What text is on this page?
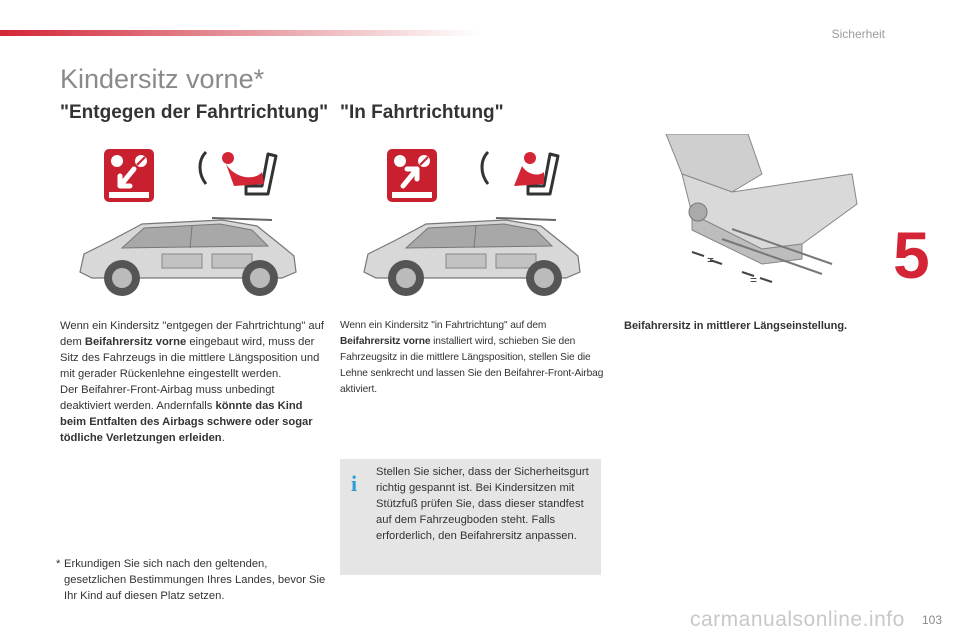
Sicherheit
5
Kindersitz vorne*
"Entgegen der Fahrtrichtung" "In Fahrtrichtung"
=
=
Wenn ein Kindersitz "entgegen der Fahrtrichtung" auf dem Beifahrersitz vorne eingebaut wird, muss der Sitz des Fahrzeugs in die mittlere Längsposition und mit gerader Rückenlehne eingestellt werden.
Der Beifahrer-Front-Airbag muss unbedingt deaktiviert werden. Andernfalls könnte das Kind beim Entfalten des Airbags schwere oder sogar tödliche Verletzungen erleiden.
Wenn ein Kindersitz "in Fahrtrichtung" auf dem Beifahrersitz vorne installiert wird, schieben Sie den Fahrzeugsitz in die mittlere Längsposition, stellen Sie die Lehne senkrecht und lassen Sie den Beifahrer-Front-Airbag aktiviert.
Beifahrersitz in mittlerer Längseinstellung.
i Stellen Sie sicher, dass der Sicherheitsgurt richtig gespannt ist. Bei Kindersitzen mit Stützfuß prüfen Sie, dass dieser standfest auf dem Fahrzeugboden steht. Falls erforderlich, den Beifahrersitz anpassen.
* Erkundigen Sie sich nach den geltenden, gesetzlichen Bestimmungen Ihres Landes, bevor Sie Ihr Kind auf diesen Platz setzen.
103
carmanualsonline.info
